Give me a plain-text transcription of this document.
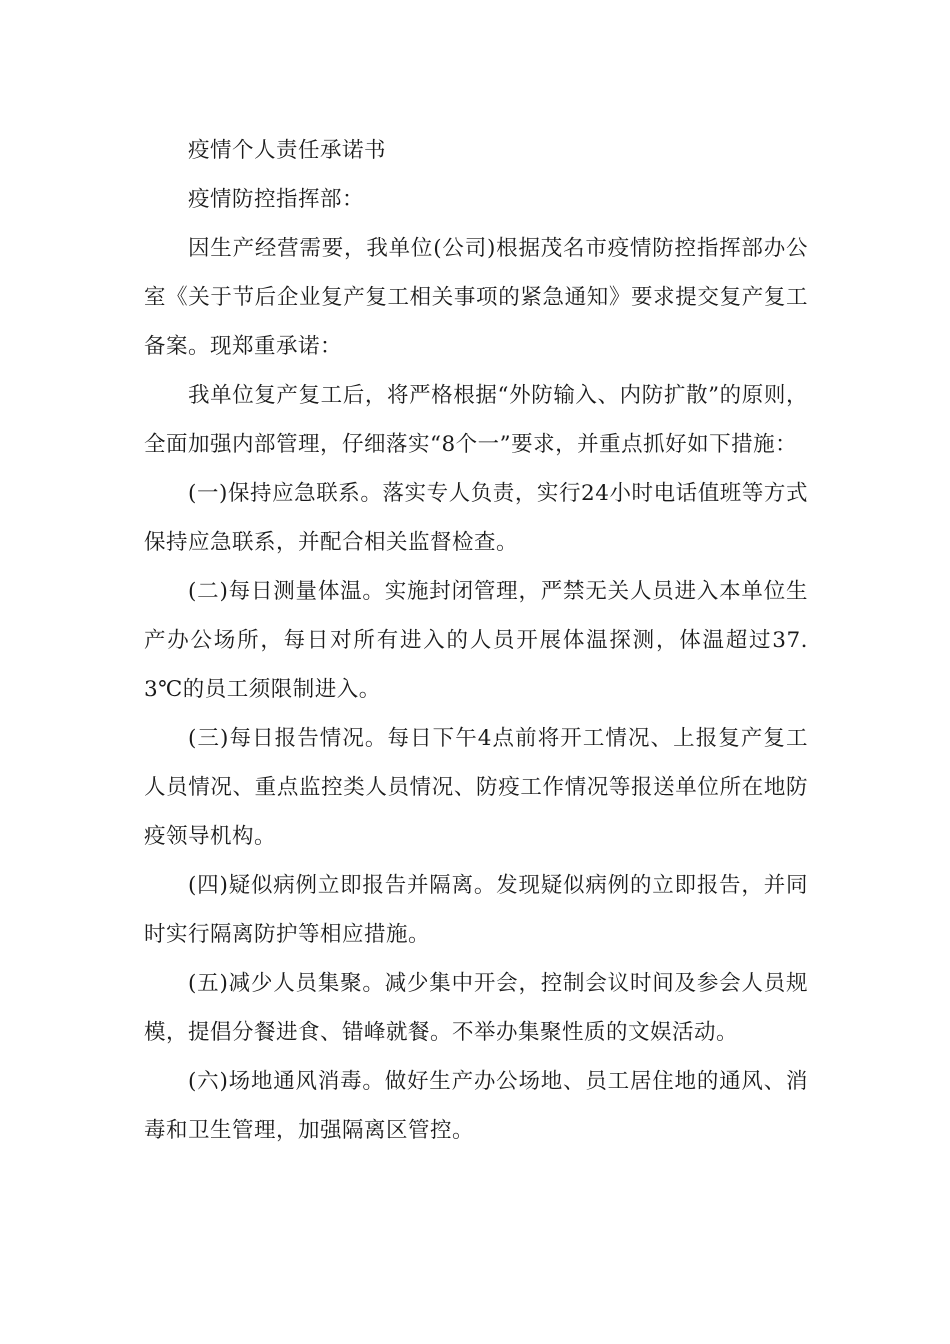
疫情个人责任承诺书

疫情防控指挥部：

因生产经营需要，我单位(公司)根据茂名市疫情防控指挥部办公室《关于节后企业复产复工相关事项的紧急通知》要求提交复产复工备案。现郑重承诺：

我单位复产复工后，将严格根据“外防输入、内防扩散”的原则，全面加强内部管理，仔细落实“8个一”要求，并重点抓好如下措施：

(一)保持应急联系。落实专人负责，实行24小时电话值班等方式保持应急联系，并配合相关监督检查。

(二)每日测量体温。实施封闭管理，严禁无关人员进入本单位生产办公场所，每日对所有进入的人员开展体温探测，体温超过37.3℃的员工须限制进入。

(三)每日报告情况。每日下午4点前将开工情况、上报复产复工人员情况、重点监控类人员情况、防疫工作情况等报送单位所在地防疫领导机构。

(四)疑似病例立即报告并隔离。发现疑似病例的立即报告，并同时实行隔离防护等相应措施。

(五)减少人员集聚。减少集中开会，控制会议时间及参会人员规模，提倡分餐进食、错峰就餐。不举办集聚性质的文娱活动。

(六)场地通风消毒。做好生产办公场地、员工居住地的通风、消毒和卫生管理，加强隔离区管控。
